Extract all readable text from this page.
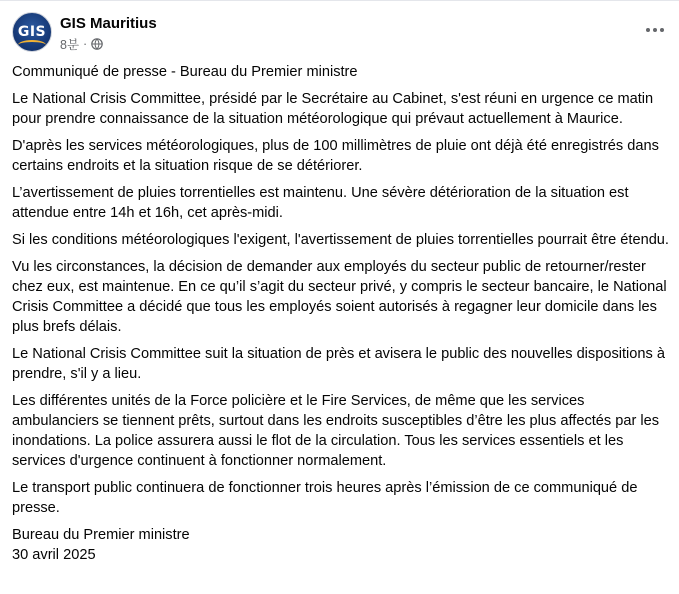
GIS GIS Mauritius
8분 ·

Communiqué de presse - Bureau du Premier ministre

Le National Crisis Committee, présidé par le Secrétaire au Cabinet, s'est réuni en urgence ce matin pour prendre connaissance de la situation météorologique qui prévaut actuellement à Maurice.

D'après les services météorologiques, plus de 100 millimètres de pluie ont déjà été enregistrés dans certains endroits et la situation risque de se détériorer.

L’avertissement de pluies torrentielles est maintenu. Une sévère détérioration de la situation est attendue entre 14h et 16h, cet après-midi.

Si les conditions météorologiques l'exigent, l'avertissement de pluies torrentielles pourrait être étendu.

Vu les circonstances, la décision de demander aux employés du secteur public de retourner/rester chez eux, est maintenue. En ce qu’il s’agit du secteur privé, y compris le secteur bancaire, le National Crisis Committee a décidé que tous les employés soient autorisés à regagner leur domicile dans les plus brefs délais.

Le National Crisis Committee suit la situation de près et avisera le public des nouvelles dispositions à prendre, s'il y a lieu.

Les différentes unités de la Force policière et le Fire Services, de même que les services ambulanciers se tiennent prêts, surtout dans les endroits susceptibles d’être les plus affectés par les inondations. La police assurera aussi le flot de la circulation. Tous les services essentiels et les services d'urgence continuent à fonctionner normalement.

Le transport public continuera de fonctionner trois heures après l’émission de ce communiqué de presse.

Bureau du Premier ministre

30 avril 2025
